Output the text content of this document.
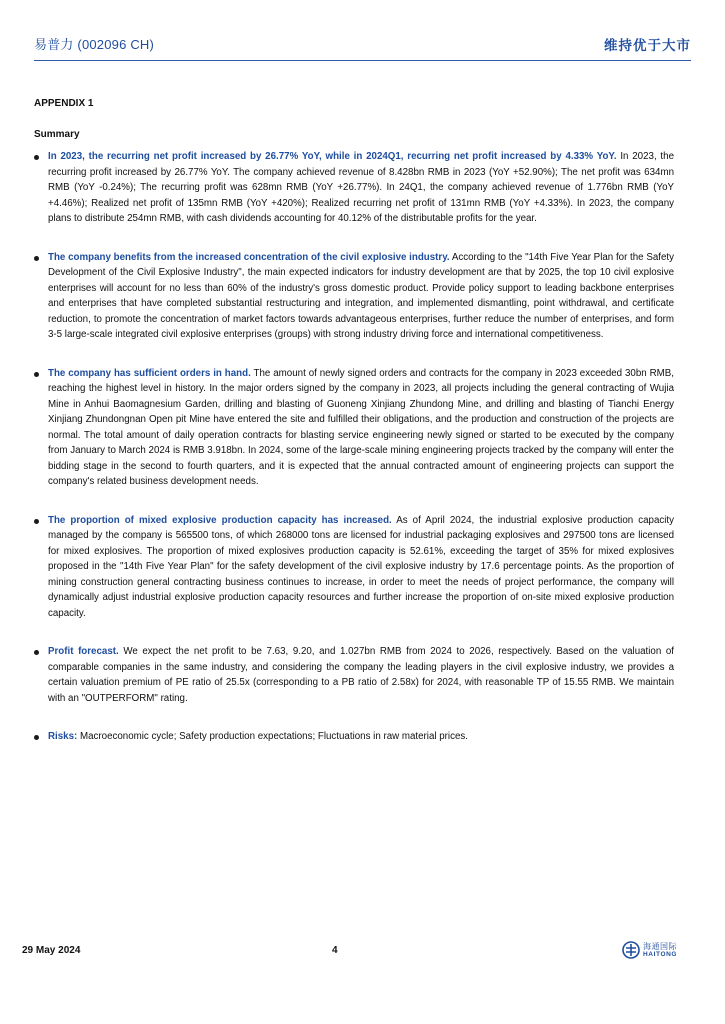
易普力 (002096 CH)	维持优于大市
APPENDIX 1
Summary
In 2023, the recurring net profit increased by 26.77% YoY, while in 2024Q1, recurring net profit increased by 4.33% YoY. In 2023, the recurring profit increased by 26.77% YoY. The company achieved revenue of 8.428bn RMB in 2023 (YoY +52.90%); The net profit was 634mn RMB (YoY -0.24%); The recurring profit was 628mn RMB (YoY +26.77%). In 24Q1, the company achieved revenue of 1.776bn RMB (YoY +4.46%); Realized net profit of 135mn RMB (YoY +420%); Realized recurring net profit of 131mn RMB (YoY +4.33%). In 2023, the company plans to distribute 254mn RMB, with cash dividends accounting for 40.12% of the distributable profits for the year.
The company benefits from the increased concentration of the civil explosive industry. According to the "14th Five Year Plan for the Safety Development of the Civil Explosive Industry", the main expected indicators for industry development are that by 2025, the top 10 civil explosive enterprises will account for no less than 60% of the industry's gross domestic product. Provide policy support to leading backbone enterprises and enterprises that have completed substantial restructuring and integration, and implemented dismantling, point withdrawal, and certificate reduction, to promote the concentration of market factors towards advantageous enterprises, further reduce the number of enterprises, and form 3-5 large-scale integrated civil explosive enterprises (groups) with strong industry driving force and international competitiveness.
The company has sufficient orders in hand. The amount of newly signed orders and contracts for the company in 2023 exceeded 30bn RMB, reaching the highest level in history. In the major orders signed by the company in 2023, all projects including the general contracting of Wujia Mine in Anhui Baomagnesium Garden, drilling and blasting of Guoneng Xinjiang Zhundong Mine, and drilling and blasting of Tianchi Energy Xinjiang Zhundongnan Open pit Mine have entered the site and fulfilled their obligations, and the production and construction of the projects are normal. The total amount of daily operation contracts for blasting service engineering newly signed or started to be executed by the company from January to March 2024 is RMB 3.918bn. In 2024, some of the large-scale mining engineering projects tracked by the company will enter the bidding stage in the second to fourth quarters, and it is expected that the annual contracted amount of engineering projects can support the company's related business development needs.
The proportion of mixed explosive production capacity has increased. As of April 2024, the industrial explosive production capacity managed by the company is 565500 tons, of which 268000 tons are licensed for industrial packaging explosives and 297500 tons are licensed for mixed explosives. The proportion of mixed explosives production capacity is 52.61%, exceeding the target of 35% for mixed explosives proposed in the "14th Five Year Plan" for the safety development of the civil explosive industry by 17.6 percentage points. As the proportion of mining construction general contracting business continues to increase, in order to meet the needs of project performance, the company will dynamically adjust industrial explosive production capacity resources and further increase the proportion of on-site mixed explosive production capacity.
Profit forecast. We expect the net profit to be 7.63, 9.20, and 1.027bn RMB from 2024 to 2026, respectively. Based on the valuation of comparable companies in the same industry, and considering the company the leading players in the civil explosive industry, we provides a certain valuation premium of PE ratio of 25.5x (corresponding to a PB ratio of 2.58x) for 2024, with reasonable TP of 15.55 RMB. We maintain with an "OUTPERFORM" rating.
Risks: Macroeconomic cycle; Safety production expectations; Fluctuations in raw material prices.
29 May 2024	4	海通国际
HAITONG
